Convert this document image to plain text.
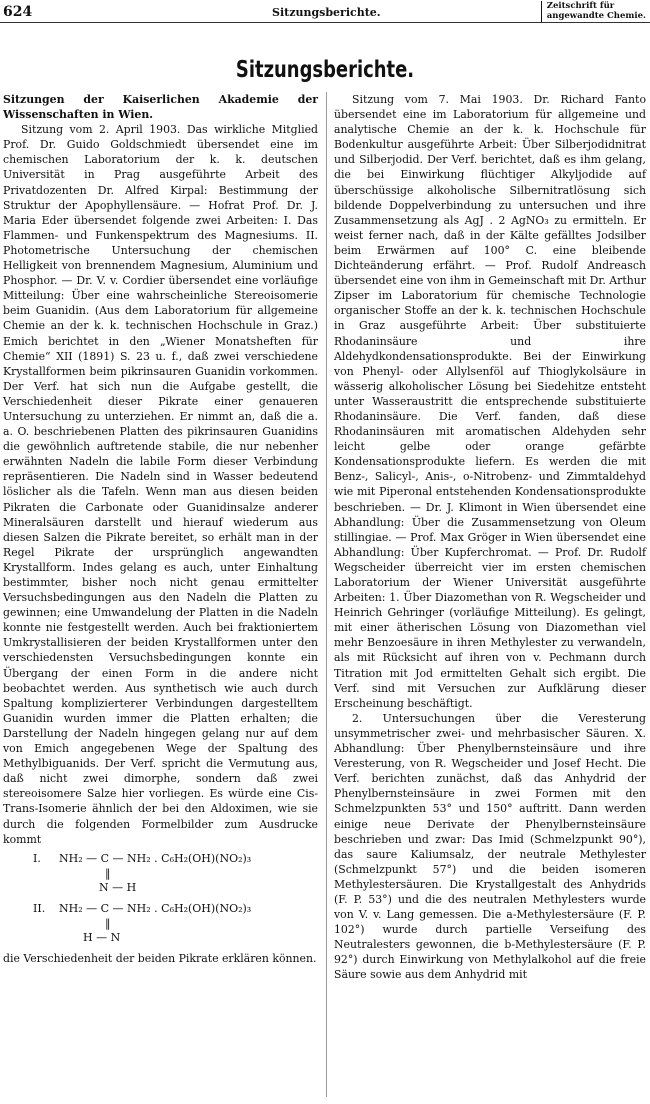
624	Sitzungsberichte.	Zeitschrift für
angewandte Chemie.
Sitzungsberichte.

Sitzungen der Kaiserlichen Akademie der Wissenschaften in Wien.

Sitzung vom 2. April 1903. Das wirkliche Mitglied Prof. Dr. Guido Goldschmiedt übersendet eine im chemischen Laboratorium der k. k. deutschen Universität in Prag ausgeführte Arbeit des Privatdozenten Dr. Alfred Kirpal: Bestimmung der Struktur der Apophyllensäure. — Hofrat Prof. Dr. J. Maria Eder übersendet folgende zwei Arbeiten: I. Das Flammen- und Funkenspektrum des Magnesiums. II. Photometrische Untersuchung der chemischen Helligkeit von brennendem Magnesium, Aluminium und Phosphor. — Dr. V. v. Cordier übersendet eine vorläufige Mitteilung: Über eine wahrscheinliche Stereoisomerie beim Guanidin. (Aus dem Laboratorium für allgemeine Chemie an der k. k. technischen Hochschule in Graz.) Emich berichtet in den „Wiener Monatsheften für Chemie“ XII (1891) S. 23 u. f., daß zwei verschiedene Krystallformen beim pikrinsauren Guanidin vorkommen. Der Verf. hat sich nun die Aufgabe gestellt, die Verschiedenheit dieser Pikrate einer genaueren Untersuchung zu unterziehen. Er nimmt an, daß die a. a. O. beschriebenen Platten des pikrinsauren Guanidins die gewöhnlich auftretende stabile, die nur nebenher erwähnten Nadeln die labile Form dieser Verbindung repräsentieren. Die Nadeln sind in Wasser bedeutend löslicher als die Tafeln. Wenn man aus diesen beiden Pikraten die Carbonate oder Guanidinsalze anderer Mineralsäuren darstellt und hierauf wiederum aus diesen Salzen die Pikrate bereitet, so erhält man in der Regel Pikrate der ursprünglich angewandten Krystallform. Indes gelang es auch, unter Einhaltung bestimmter, bisher noch nicht genau ermittelter Versuchsbedingungen aus den Nadeln die Platten zu gewinnen; eine Umwandelung der Platten in die Nadeln konnte nie festgestellt werden. Auch bei fraktioniertem Umkrystallisieren der beiden Krystallformen unter den verschiedensten Versuchsbedingungen konnte ein Übergang der einen Form in die andere nicht beobachtet werden. Aus synthetisch wie auch durch Spaltung komplizierterer Verbindungen dargestelltem Guanidin wurden immer die Platten erhalten; die Darstellung der Nadeln hingegen gelang nur auf dem von Emich angegebenen Wege der Spaltung des Methylbiguanids. Der Verf. spricht die Vermutung aus, daß nicht zwei dimorphe, sondern daß zwei stereoisomere Salze hier vorliegen. Es würde eine Cis-Trans-Isomerie ähnlich der bei den Aldoximen, wie sie durch die folgenden Formelbilder zum Ausdrucke kommt

I. NH₂ — C — NH₂ . C₆H₂(OH)(NO₂)₃
‖
N — H
II. NH₂ — C — NH₂ . C₆H₂(OH)(NO₂)₃
‖
H — N

die Verschiedenheit der beiden Pikrate erklären können.

Sitzung vom 7. Mai 1903. Dr. Richard Fanto übersendet eine im Laboratorium für allgemeine und analytische Chemie an der k. k. Hochschule für Bodenkultur ausgeführte Arbeit: Über Silberjodidnitrat und Silberjodid. Der Verf. berichtet, daß es ihm gelang, die bei Einwirkung flüchtiger Alkyljodide auf überschüssige alkoholische Silbernitratlösung sich bildende Doppelverbindung zu untersuchen und ihre Zusammensetzung als AgJ . 2 AgNO₃ zu ermitteln. Er weist ferner nach, daß in der Kälte gefälltes Jodsilber beim Erwärmen auf 100° C. eine bleibende Dichteänderung erfährt. — Prof. Rudolf Andreasch übersendet eine von ihm in Gemeinschaft mit Dr. Arthur Zipser im Laboratorium für chemische Technologie organischer Stoffe an der k. k. technischen Hochschule in Graz ausgeführte Arbeit: Über substituierte Rhodaninsäure und ihre Aldehydkondensationsprodukte. Bei der Einwirkung von Phenyl- oder Allylsenföl auf Thioglykolsäure in wässerig alkoholischer Lösung bei Siedehitze entsteht unter Wasseraustritt die entsprechende substituierte Rhodaninsäure. Die Verf. fanden, daß diese Rhodaninsäuren mit aromatischen Aldehyden sehr leicht gelbe oder orange gefärbte Kondensationsprodukte liefern. Es werden die mit Benz-, Salicyl-, Anis-, o-Nitrobenz- und Zimmtaldehyd wie mit Piperonal entstehenden Kondensationsprodukte beschrieben. — Dr. J. Klimont in Wien übersendet eine Abhandlung: Über die Zusammensetzung von Oleum stillingiae. — Prof. Max Gröger in Wien übersendet eine Abhandlung: Über Kupferchromat. — Prof. Dr. Rudolf Wegscheider überreicht vier im ersten chemischen Laboratorium der Wiener Universität ausgeführte Arbeiten: 1. Über Diazomethan von R. Wegscheider und Heinrich Gehringer (vorläufige Mitteilung). Es gelingt, mit einer ätherischen Lösung von Diazomethan viel mehr Benzoesäure in ihren Methylester zu verwandeln, als mit Rücksicht auf ihren von v. Pechmann durch Titration mit Jod ermittelten Gehalt sich ergibt. Die Verf. sind mit Versuchen zur Aufklärung dieser Erscheinung beschäftigt.

2. Untersuchungen über die Veresterung unsymmetrischer zwei- und mehrbasischer Säuren. X. Abhandlung: Über Phenylbernsteinsäure und ihre Veresterung, von R. Wegscheider und Josef Hecht. Die Verf. berichten zunächst, daß das Anhydrid der Phenylbernsteinsäure in zwei Formen mit den Schmelzpunkten 53° und 150° auftritt. Dann werden einige neue Derivate der Phenylbernsteinsäure beschrieben und zwar: Das Imid (Schmelzpunkt 90°), das saure Kaliumsalz, der neutrale Methylester (Schmelzpunkt 57°) und die beiden isomeren Methylestersäuren. Die Krystallgestalt des Anhydrids (F. P. 53°) und die des neutralen Methylesters wurde von V. v. Lang gemessen. Die a-Methylestersäure (F. P. 102°) wurde durch partielle Verseifung des Neutralesters gewonnen, die b-Methylestersäure (F. P. 92°) durch Einwirkung von Methylalkohol auf die freie Säure sowie aus dem Anhydrid mit
